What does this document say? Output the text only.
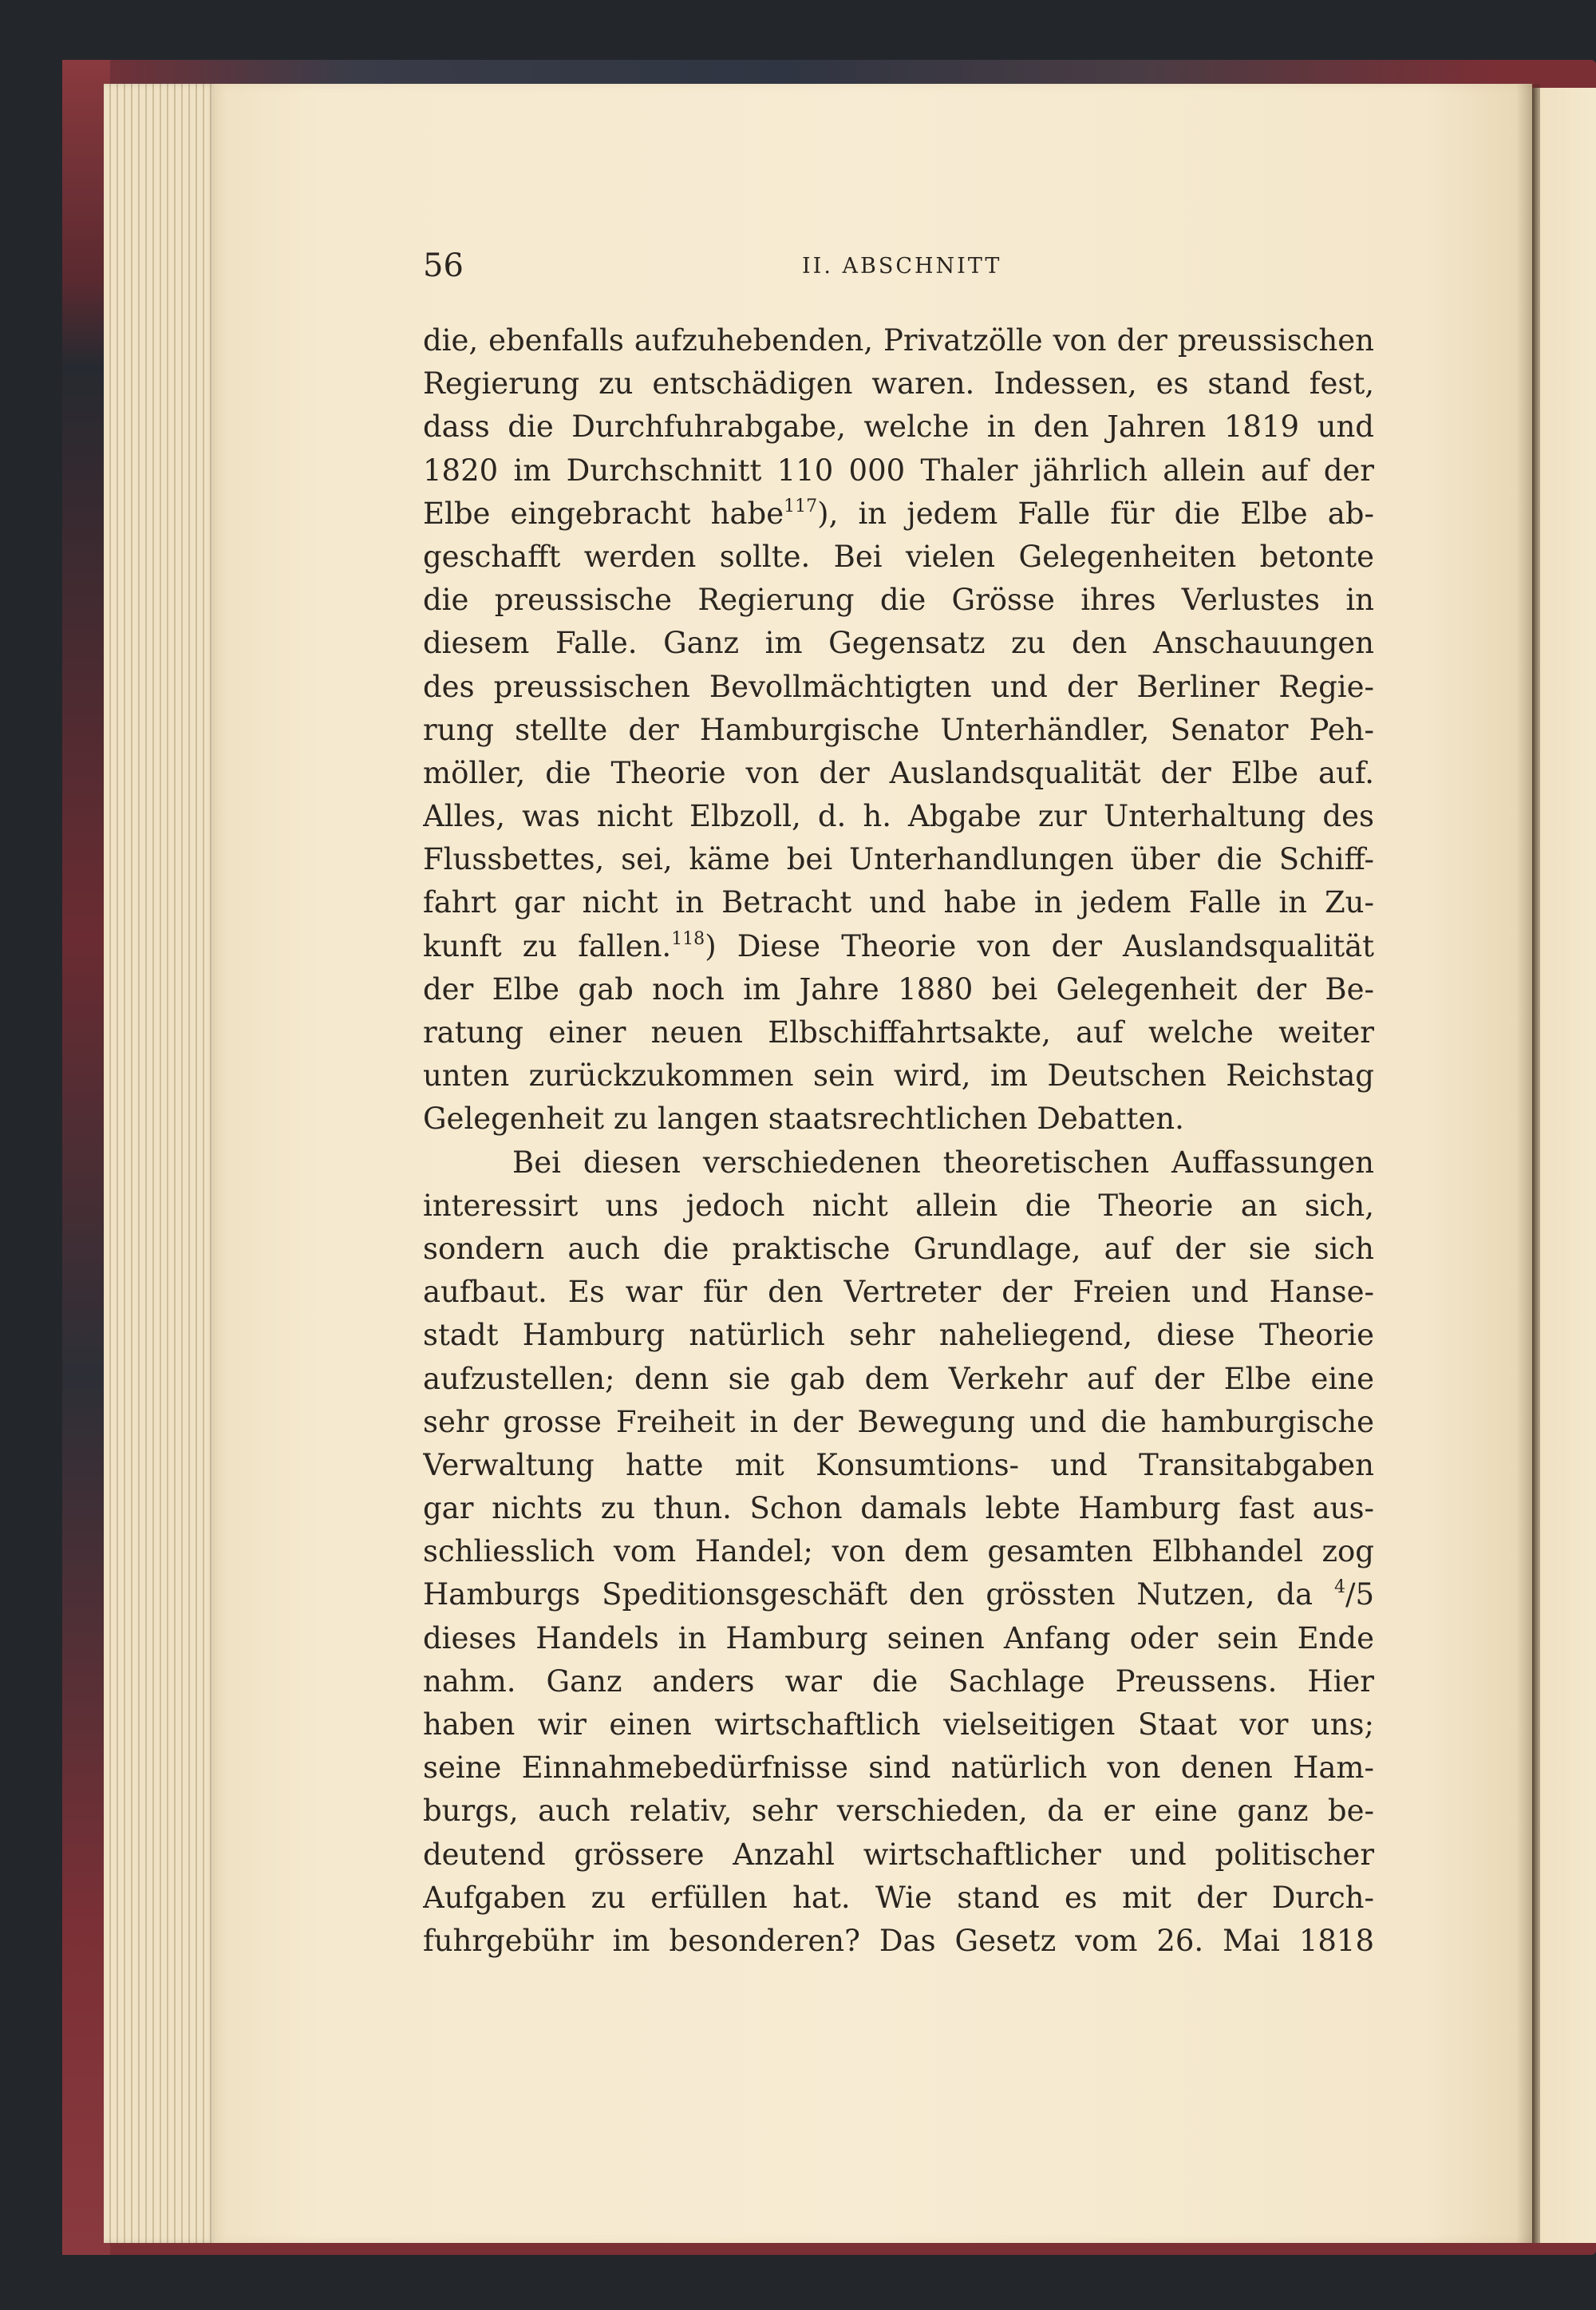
56	II. ABSCHNITT
die, ebenfalls aufzuhebenden, Privatzölle von der preussischen
Regierung zu entschädigen waren. Indessen, es stand fest,
dass die Durchfuhrabgabe, welche in den Jahren 1819 und
1820 im Durchschnitt 110 000 Thaler jährlich allein auf der
Elbe eingebracht habe$^{117}$), in jedem Falle für die Elbe ab-
geschafft werden sollte. Bei vielen Gelegenheiten betonte
die preussische Regierung die Grösse ihres Verlustes in
diesem Falle. Ganz im Gegensatz zu den Anschauungen
des preussischen Bevollmächtigten und der Berliner Regie-
rung stellte der Hamburgische Unterhändler, Senator Peh-
möller, die Theorie von der Auslandsqualität der Elbe auf.
Alles, was nicht Elbzoll, d. h. Abgabe zur Unterhaltung des
Flussbettes, sei, käme bei Unterhandlungen über die Schiff-
fahrt gar nicht in Betracht und habe in jedem Falle in Zu-
kunft zu fallen.$^{118}$) Diese Theorie von der Auslandsqualität
der Elbe gab noch im Jahre 1880 bei Gelegenheit der Be-
ratung einer neuen Elbschiffahrtsakte, auf welche weiter
unten zurückzukommen sein wird, im Deutschen Reichstag
Gelegenheit zu langen staatsrechtlichen Debatten.
Bei diesen verschiedenen theoretischen Auffassungen
interessirt uns jedoch nicht allein die Theorie an sich,
sondern auch die praktische Grundlage, auf der sie sich
aufbaut. Es war für den Vertreter der Freien und Hanse-
stadt Hamburg natürlich sehr naheliegend, diese Theorie
aufzustellen; denn sie gab dem Verkehr auf der Elbe eine
sehr grosse Freiheit in der Bewegung und die hamburgische
Verwaltung hatte mit Konsumtions- und Transitabgaben
gar nichts zu thun. Schon damals lebte Hamburg fast aus-
schliesslich vom Handel; von dem gesamten Elbhandel zog
Hamburgs Speditionsgeschäft den grössten Nutzen, da $^4$/5
dieses Handels in Hamburg seinen Anfang oder sein Ende
nahm. Ganz anders war die Sachlage Preussens. Hier
haben wir einen wirtschaftlich vielseitigen Staat vor uns;
seine Einnahmebedürfnisse sind natürlich von denen Ham-
burgs, auch relativ, sehr verschieden, da er eine ganz be-
deutend grössere Anzahl wirtschaftlicher und politischer
Aufgaben zu erfüllen hat. Wie stand es mit der Durch-
fuhrgebühr im besonderen? Das Gesetz vom 26. Mai 1818
